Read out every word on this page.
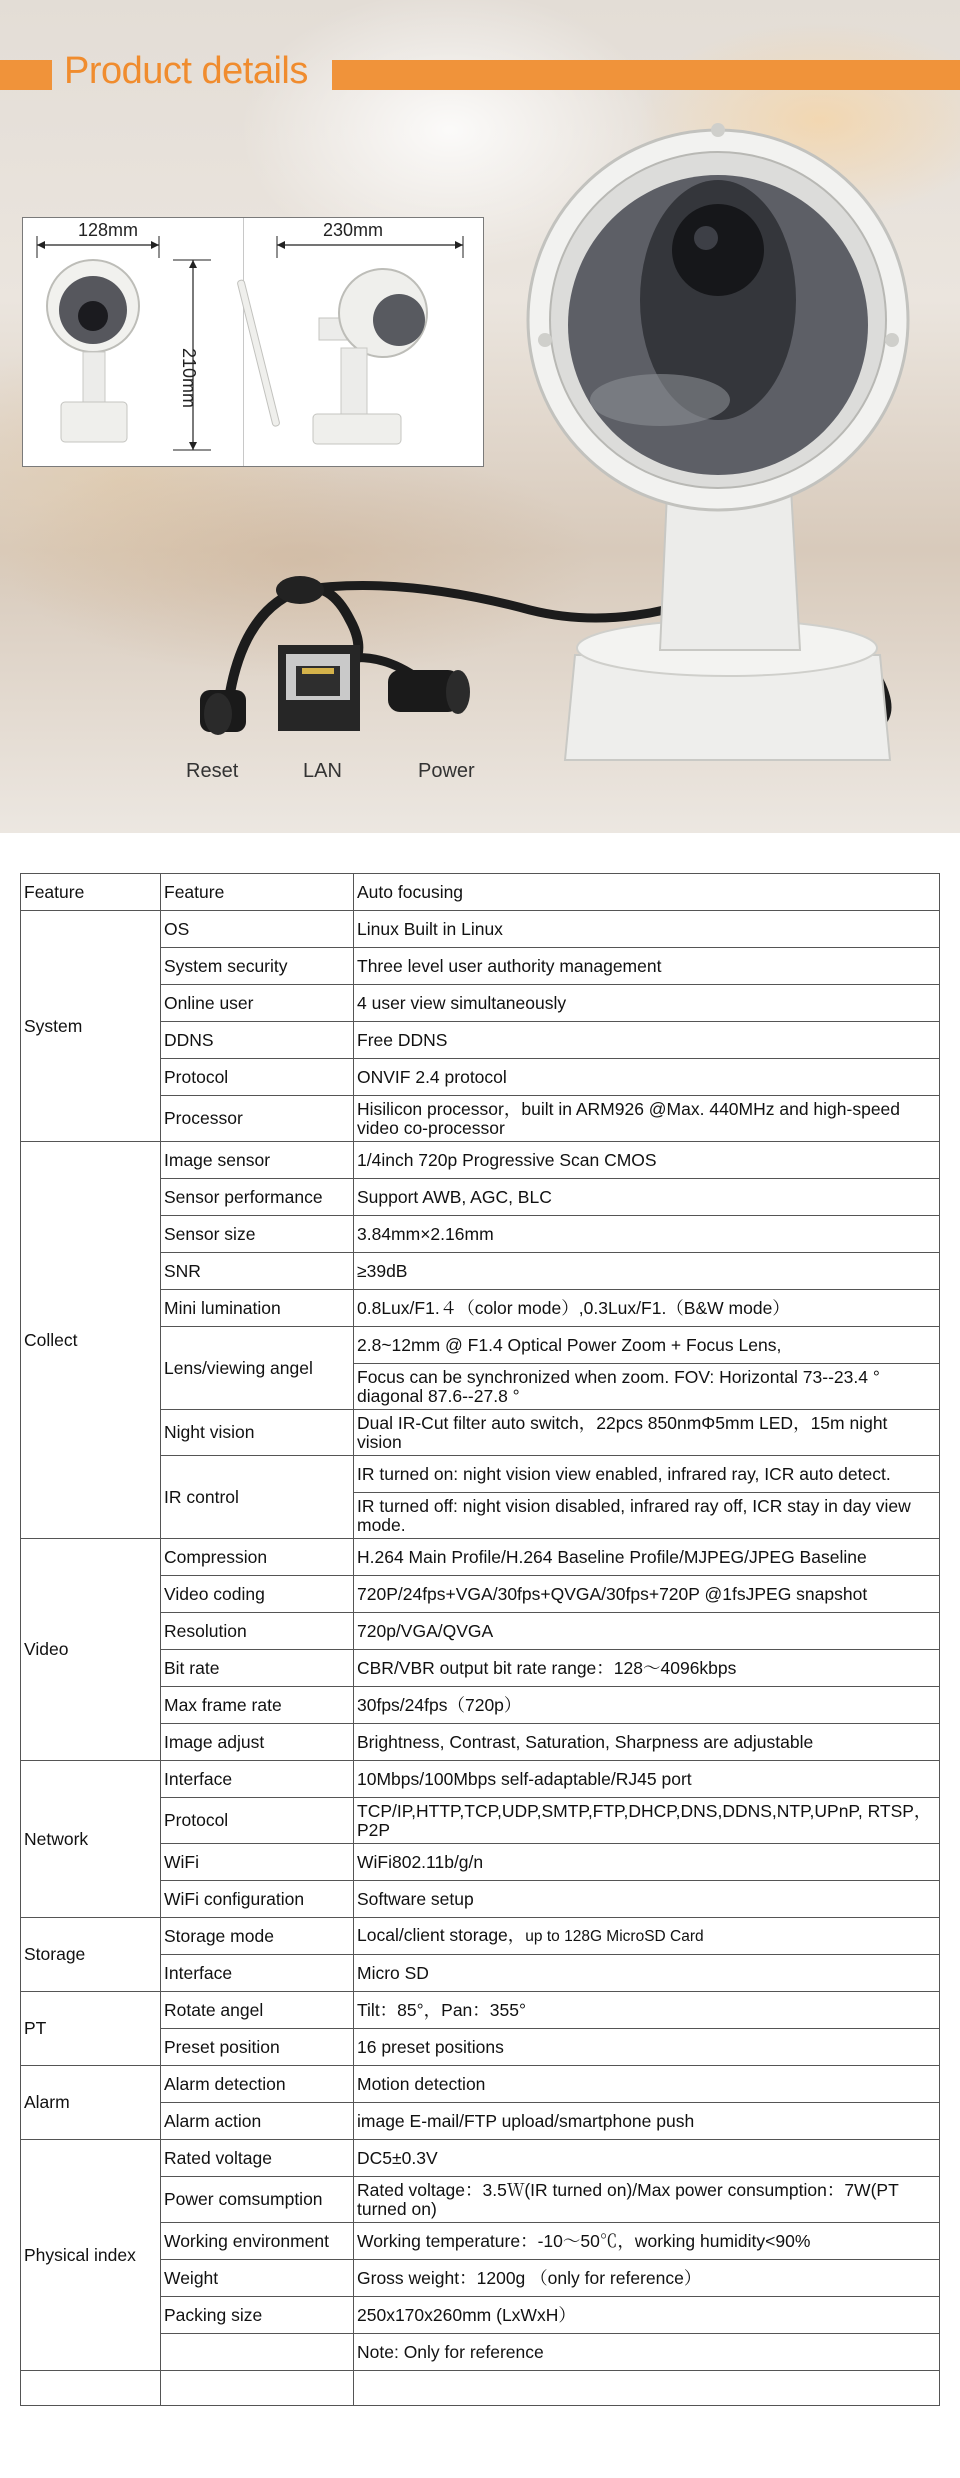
Product details
128mm	230mm
210mm
Reset	LAN	Power
Feature	Feature	Auto focusing
System	OS	Linux Built in Linux
	System security	Three level user authority management
	Online user	4 user view simultaneously
	DDNS	Free DDNS
	Protocol	ONVIF 2.4 protocol
	Processor	Hisilicon processor，built in ARM926 @Max. 440MHz and high-speed video co-processor
Collect	Image sensor	1/4inch 720p Progressive Scan CMOS
	Sensor performance	Support AWB, AGC, BLC
	Sensor size	3.84mm×2.16mm
	SNR	≥39dB
	Mini lumination	0.8Lux/F1.４（color mode）,0.3Lux/F1.（B&W mode）
	Lens/viewing angel	2.8~12mm @ F1.4 Optical Power Zoom + Focus Lens,
		Focus can be synchronized when zoom. FOV: Horizontal 73--23.4 ° diagonal 87.6--27.8 °
	Night vision	Dual IR-Cut filter auto switch，22pcs 850nmΦ5mm LED，15m night vision
	IR control	IR turned on: night vision view enabled, infrared ray, ICR auto detect.
		IR turned off: night vision disabled, infrared ray off, ICR stay in day view mode.
Video	Compression	H.264 Main Profile/H.264 Baseline Profile/MJPEG/JPEG Baseline
	Video coding	720P/24fps+VGA/30fps+QVGA/30fps+720P @1fsJPEG snapshot
	Resolution	720p/VGA/QVGA
	Bit rate	CBR/VBR output bit rate range：128～4096kbps
	Max frame rate	30fps/24fps（720p）
	Image adjust	Brightness, Contrast, Saturation, Sharpness are adjustable
Network	Interface	10Mbps/100Mbps self-adaptable/RJ45 port
	Protocol	TCP/IP,HTTP,TCP,UDP,SMTP,FTP,DHCP,DNS,DDNS,NTP,UPnP, RTSP，P2P
	WiFi	WiFi802.11b/g/n
	WiFi configuration	Software setup
Storage	Storage mode	Local/client storage，up to 128G MicroSD Card
	Interface	Micro SD
PT	Rotate angel	Tilt：85°，Pan：355°
	Preset position	16 preset positions
Alarm	Alarm detection	Motion detection
	Alarm action	image E-mail/FTP upload/smartphone push
Physical index	Rated voltage	DC5±0.3V
	Power comsumption	Rated voltage：3.5Ｗ(IR turned on)/Max power consumption：7W(PT turned on)
	Working environment	Working temperature：-10～50℃，working humidity<90%
	Weight	Gross weight：1200g （only for reference）
	Packing size	250x170x260mm (LxWxH）
		Note: Only for reference
